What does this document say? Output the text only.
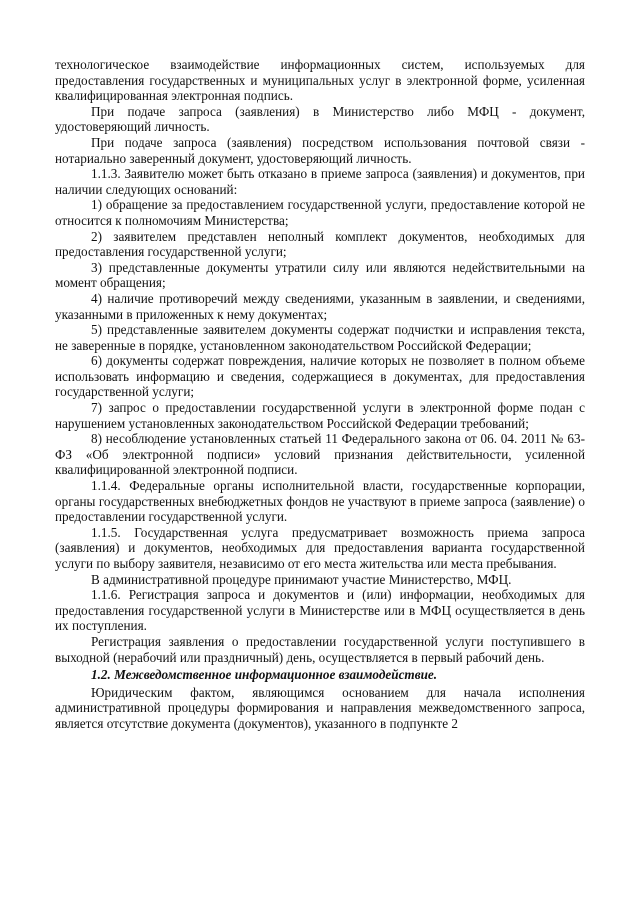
технологическое взаимодействие информационных систем, используемых для предоставления государственных и муниципальных услуг в электронной форме, усиленная квалифицированная электронная подпись.

При подаче запроса (заявления) в Министерство либо МФЦ - документ, удостоверяющий личность.

При подаче запроса (заявления) посредством использования почтовой связи - нотариально заверенный документ, удостоверяющий личность.

1.1.3. Заявителю может быть отказано в приеме запроса (заявления) и документов, при наличии следующих оснований:

1) обращение за предоставлением государственной услуги, предоставление которой не относится к полномочиям Министерства;

2) заявителем представлен неполный комплект документов, необходимых для предоставления государственной услуги;

3) представленные документы утратили силу или являются недействительными на момент обращения;

4) наличие противоречий между сведениями, указанным в заявлении, и сведениями, указанными в приложенных к нему документах;

5) представленные заявителем документы содержат подчистки и исправления текста, не заверенные в порядке, установленном законодательством Российской Федерации;

6) документы содержат повреждения, наличие которых не позволяет в полном объеме использовать информацию и сведения, содержащиеся в документах, для предоставления государственной услуги;

7) запрос о предоставлении государственной услуги в электронной форме подан с нарушением установленных законодательством Российской Федерации требований;

8) несоблюдение установленных статьей 11 Федерального закона от 06. 04. 2011 № 63-ФЗ «Об электронной подписи» условий признания действительности, усиленной квалифицированной электронной подписи.

1.1.4. Федеральные органы исполнительной власти, государственные корпорации, органы государственных внебюджетных фондов не участвуют в приеме запроса (заявление) о предоставлении государственной услуги.

1.1.5. Государственная услуга предусматривает возможность приема запроса (заявления) и документов, необходимых для предоставления варианта государственной услуги по выбору заявителя, независимо от его места жительства или места пребывания.

В административной процедуре принимают участие Министерство, МФЦ.

1.1.6. Регистрация запроса и документов и (или) информации, необходимых для предоставления государственной услуги в Министерстве или в МФЦ осуществляется в день их поступления.

Регистрация заявления о предоставлении государственной услуги поступившего в выходной (нерабочий или праздничный) день, осуществляется в первый рабочий день.

1.2. Межведомственное информационное взаимодействие.

Юридическим фактом, являющимся основанием для начала исполнения административной процедуры формирования и направления межведомственного запроса, является отсутствие документа (документов), указанного в подпункте 2
